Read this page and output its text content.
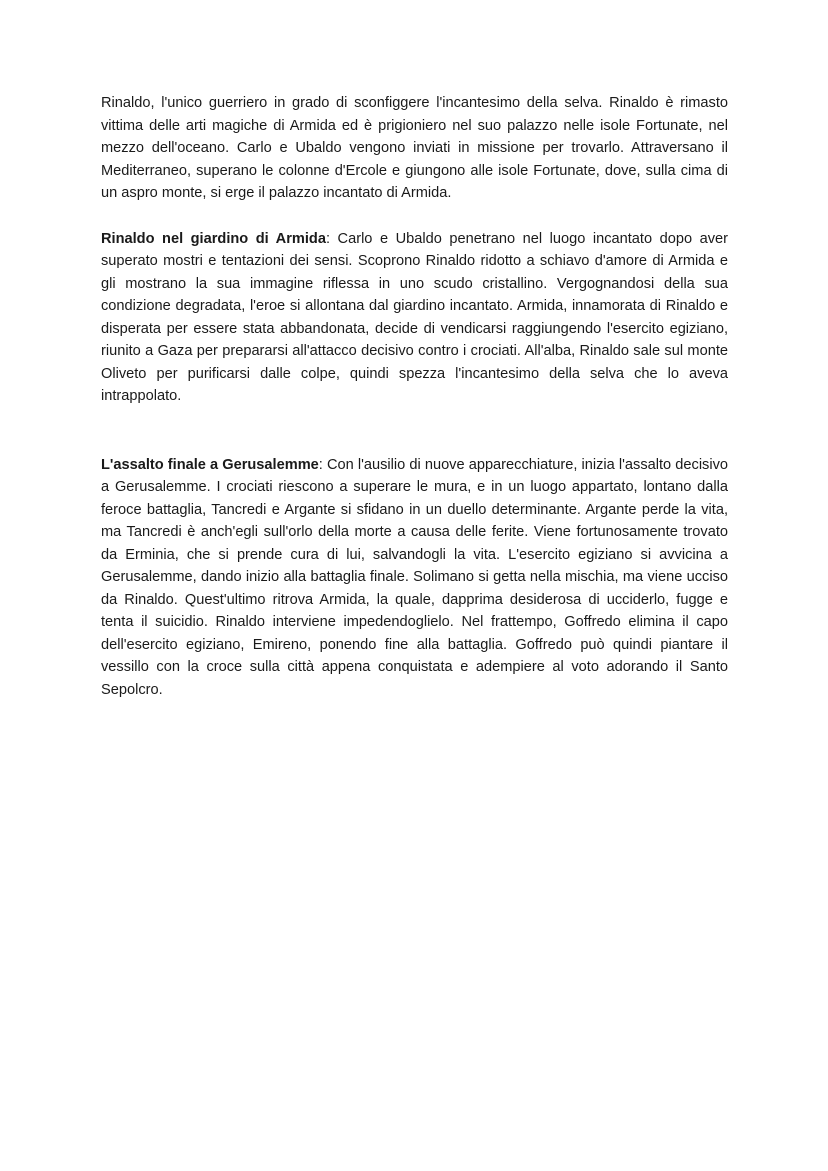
Rinaldo, l'unico guerriero in grado di sconfiggere l'incantesimo della selva. Rinaldo è rimasto vittima delle arti magiche di Armida ed è prigioniero nel suo palazzo nelle isole Fortunate, nel mezzo dell'oceano. Carlo e Ubaldo vengono inviati in missione per trovarlo. Attraversano il Mediterraneo, superano le colonne d'Ercole e giungono alle isole Fortunate, dove, sulla cima di un aspro monte, si erge il palazzo incantato di Armida.

Rinaldo nel giardino di Armida: Carlo e Ubaldo penetrano nel luogo incantato dopo aver superato mostri e tentazioni dei sensi. Scoprono Rinaldo ridotto a schiavo d'amore di Armida e gli mostrano la sua immagine riflessa in uno scudo cristallino. Vergognandosi della sua condizione degradata, l'eroe si allontana dal giardino incantato. Armida, innamorata di Rinaldo e disperata per essere stata abbandonata, decide di vendicarsi raggiungendo l'esercito egiziano, riunito a Gaza per prepararsi all'attacco decisivo contro i crociati. All'alba, Rinaldo sale sul monte Oliveto per purificarsi dalle colpe, quindi spezza l'incantesimo della selva che lo aveva intrappolato.

L'assalto finale a Gerusalemme: Con l'ausilio di nuove apparecchiature, inizia l'assalto decisivo a Gerusalemme. I crociati riescono a superare le mura, e in un luogo appartato, lontano dalla feroce battaglia, Tancredi e Argante si sfidano in un duello determinante. Argante perde la vita, ma Tancredi è anch'egli sull'orlo della morte a causa delle ferite. Viene fortunosamente trovato da Erminia, che si prende cura di lui, salvandogli la vita. L'esercito egiziano si avvicina a Gerusalemme, dando inizio alla battaglia finale. Solimano si getta nella mischia, ma viene ucciso da Rinaldo. Quest'ultimo ritrova Armida, la quale, dapprima desiderosa di ucciderlo, fugge e tenta il suicidio. Rinaldo interviene impedendoglielo. Nel frattempo, Goffredo elimina il capo dell'esercito egiziano, Emireno, ponendo fine alla battaglia. Goffredo può quindi piantare il vessillo con la croce sulla città appena conquistata e adempiere al voto adorando il Santo Sepolcro.
